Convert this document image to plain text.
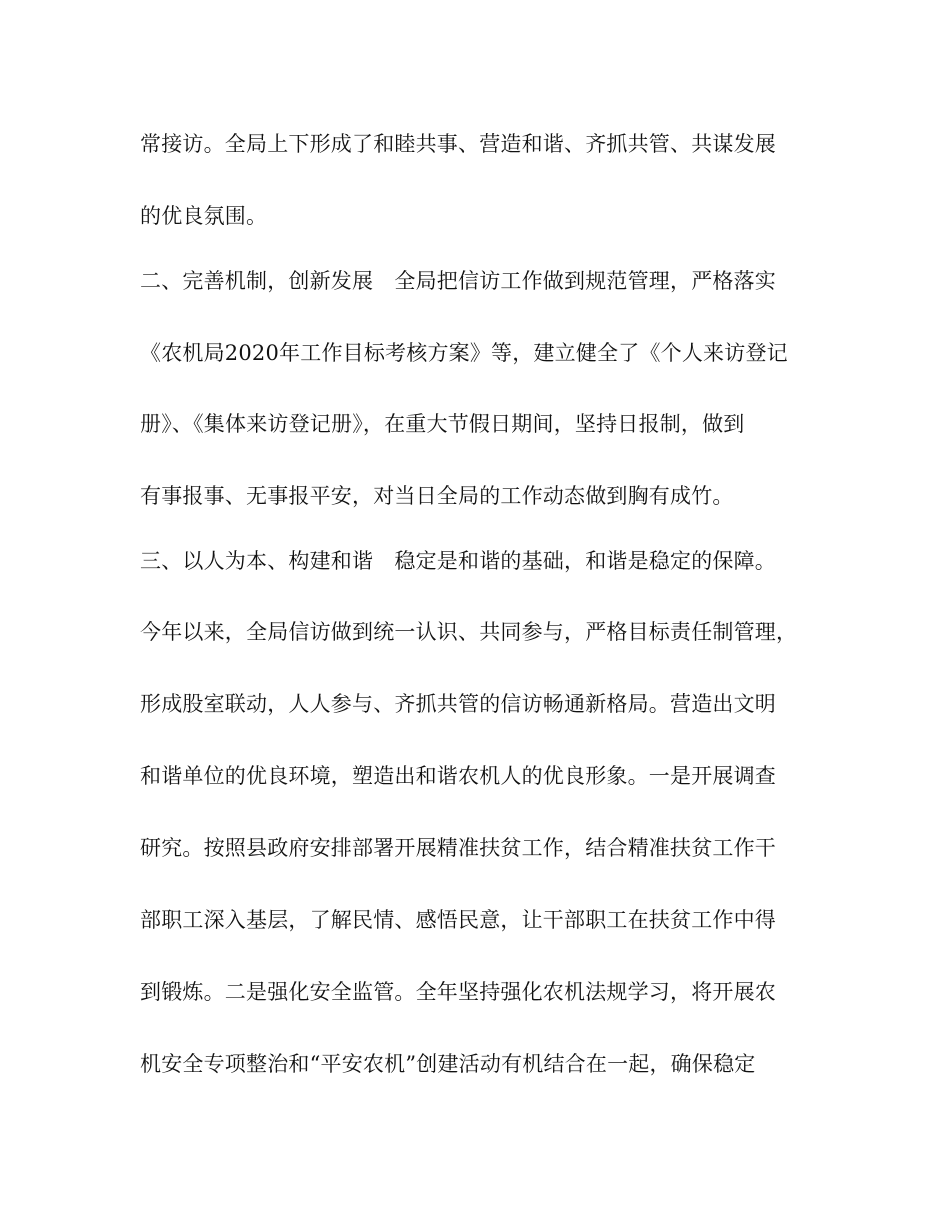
常接访。全局上下形成了和睦共事、营造和谐、齐抓共管、共谋发展
的优良氛围。
二、完善机制，创新发展　全局把信访工作做到规范管理，严格落实
《农机局2020年工作目标考核方案》等，建立健全了《个人来访登记
册》、《集体来访登记册》，在重大节假日期间，坚持日报制，做到
有事报事、无事报平安，对当日全局的工作动态做到胸有成竹。
三、以人为本、构建和谐　稳定是和谐的基础，和谐是稳定的保障。
今年以来，全局信访做到统一认识、共同参与，严格目标责任制管理，
形成股室联动，人人参与、齐抓共管的信访畅通新格局。营造出文明
和谐单位的优良环境，塑造出和谐农机人的优良形象。一是开展调查
研究。按照县政府安排部署开展精准扶贫工作，结合精准扶贫工作干
部职工深入基层，了解民情、感悟民意，让干部职工在扶贫工作中得
到锻炼。二是强化安全监管。全年坚持强化农机法规学习，将开展农
机安全专项整治和“平安农机”创建活动有机结合在一起，确保稳定
